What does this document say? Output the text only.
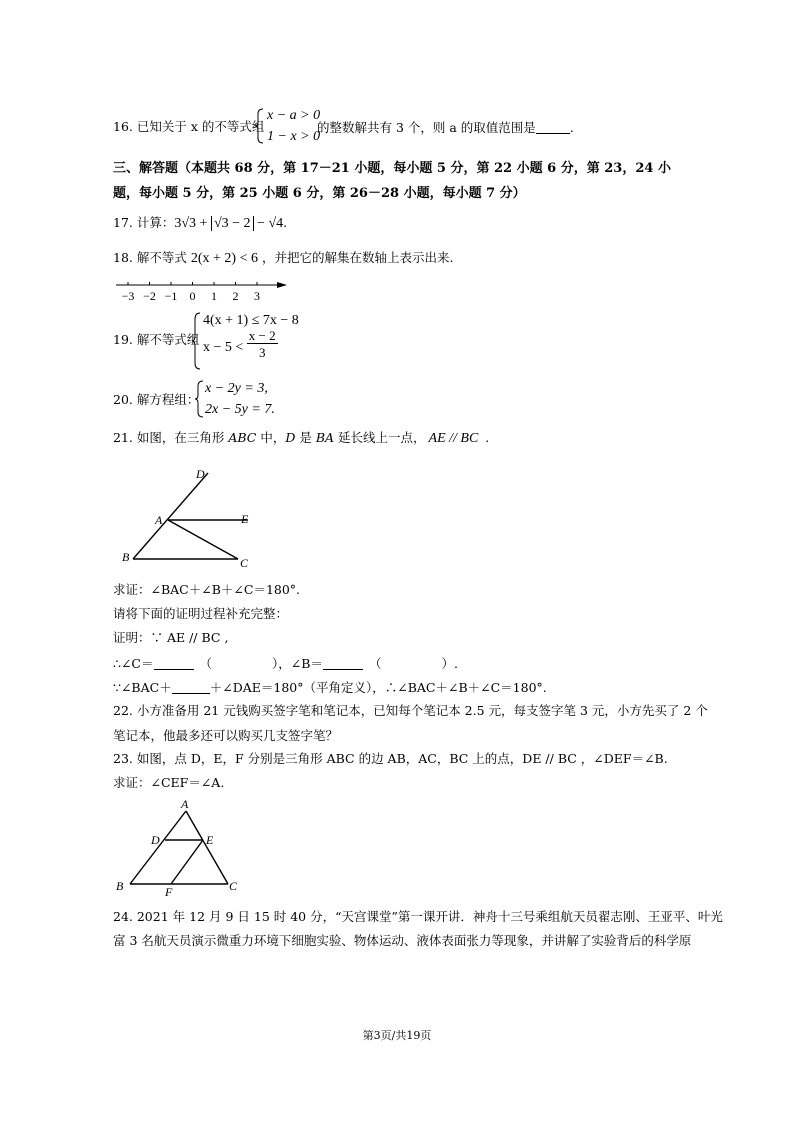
16. 已知关于 x 的不等式组
x − a > 0
1 − x > 0
的整数解共有 3 个，则 a 的取值范围是	.
三、解答题（本题共 68 分，第 17－21 小题，每小题 5 分，第 22 小题 6 分，第 23，24 小
题，每小题 5 分，第 25 小题 6 分，第 26－28 小题，每小题 7 分）
17. 计算：3√3 + √3 − 2 − √4.
18. 解不等式 2(x + 2) < 6 ，并把它的解集在数轴上表示出来.
−3 −2 −1 0 1 2 3
19. 解不等式组
4(x + 1) ≤ 7x − 8
$x - 5 < \frac{x - 2}{3}$
20. 解方程组：
x − 2y = 3,
2x − 5y = 7.
21. 如图，在三角形 ABC 中，D 是 BA 延长线上一点， AE // BC .
D
A	E
B	C
求证：∠BAC＋∠B＋∠C＝180°.
请将下面的证明过程补充完整：
证明：∵ AE // BC ,
∴∠C＝	（	），∠B＝	（	）.
∵∠BAC＋	＋∠DAE＝180°（平角定义），∴∠BAC＋∠B＋∠C＝180°.
22. 小方准备用 21 元钱购买签字笔和笔记本，已知每个笔记本 2.5 元，每支签字笔 3 元，小方先买了 2 个
笔记本，他最多还可以购买几支签字笔？
23. 如图，点 D，E，F 分别是三角形 ABC 的边 AB，AC，BC 上的点，DE // BC ，∠DEF＝∠B.
求证：∠CEF＝∠A.
A
D	E
B	F	C
24. 2021 年 12 月 9 日 15 时 40 分，“天宫课堂”第一课开讲．神舟十三号乘组航天员翟志刚、王亚平、叶光
富 3 名航天员演示微重力环境下细胞实验、物体运动、液体表面张力等现象，并讲解了实验背后的科学原
第3页/共19页
